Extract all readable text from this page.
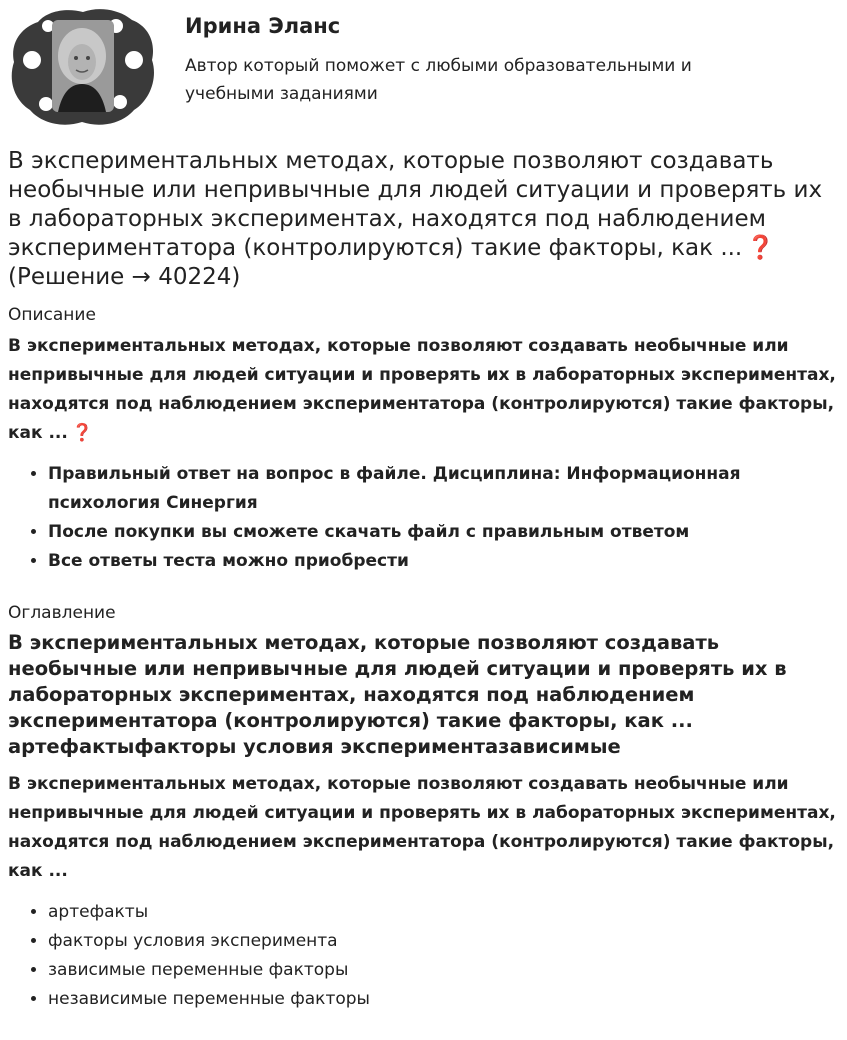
Ирина Эланс
Автор который поможет с любыми образовательными и учебными заданиями
В экспериментальных методах, которые позволяют создавать необычные или непривычные для людей ситуации и проверять их в лабораторных экспериментах, находятся под наблюдением экспериментатора (контролируются) такие факторы, как ... ❓
(Решение → 40224)
Описание

В экспериментальных методах, которые позволяют создавать необычные или непривычные для людей ситуации и проверять их в лабораторных экспериментах, находятся под наблюдением экспериментатора (контролируются) такие факторы, как ... ❓

• Правильный ответ на вопрос в файле. Дисциплина: Информационная психология Синергия
• После покупки вы сможете скачать файл с правильным ответом
• Все ответы теста можно приобрести
Оглавление
В экспериментальных методах, которые позволяют создавать необычные или непривычные для людей ситуации и проверять их в лабораторных экспериментах, находятся под наблюдением экспериментатора (контролируются) такие факторы, как ... артефактыфакторы условия экспериментазависимые

В экспериментальных методах, которые позволяют создавать необычные или непривычные для людей ситуации и проверять их в лабораторных экспериментах, находятся под наблюдением экспериментатора (контролируются) такие факторы, как ...

• артефакты
• факторы условия эксперимента
• зависимые переменные факторы
• независимые переменные факторы
